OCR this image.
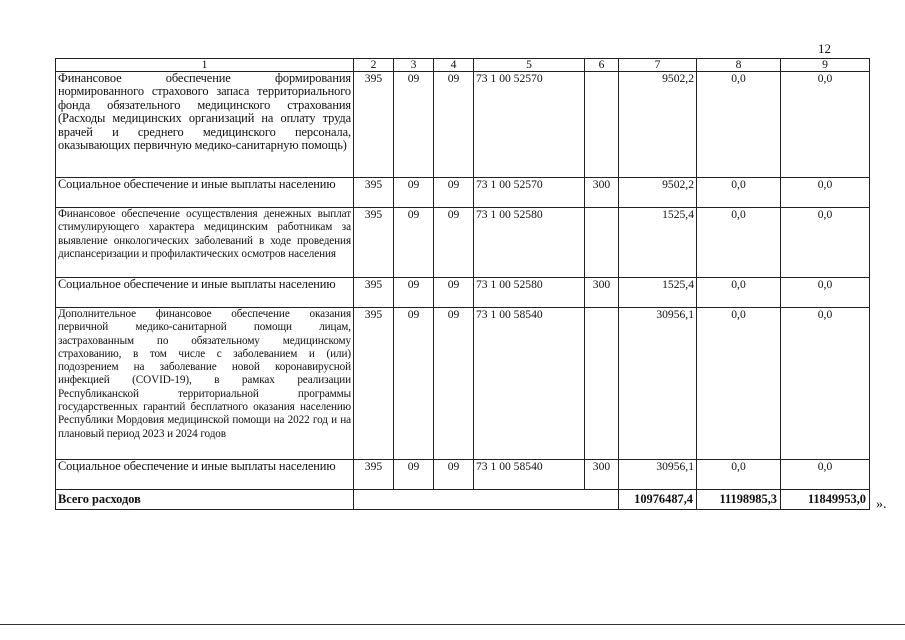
12
1	2	3	4	5	6	7	8	9
Финансовое обеспечение формирования нормированного страхового запаса территориального фонда обязательного медицинского страхования (Расходы медицинских организаций на оплату труда врачей и среднего медицинского персонала, оказывающих первичную медико-санитарную помощь)	395	09	09	73 1 00 52570		9502,2	0,0	0,0
Социальное обеспечение и иные выплаты населению	395	09	09	73 1 00 52570	300	9502,2	0,0	0,0
Финансовое обеспечение осуществления денежных выплат стимулирующего характера медицинским работникам за выявление онкологических заболеваний в ходе проведения диспансеризации и профилактических осмотров населения	395	09	09	73 1 00 52580		1525,4	0,0	0,0
Социальное обеспечение и иные выплаты населению	395	09	09	73 1 00 52580	300	1525,4	0,0	0,0
Дополнительное финансовое обеспечение оказания первичной медико-санитарной помощи лицам, застрахованным по обязательному медицинскому страхованию, в том числе с заболеванием и (или) подозрением на заболевание новой коронавирусной инфекцией (COVID-19), в рамках реализации Республиканской территориальной программы государственных гарантий бесплатного оказания населению Республики Мордовия медицинской помощи на 2022 год и на плановый период 2023 и 2024 годов	395	09	09	73 1 00 58540		30956,1	0,0	0,0
Социальное обеспечение и иные выплаты населению	395	09	09	73 1 00 58540	300	30956,1	0,0	0,0
Всего расходов						10976487,4	11198985,3	11849953,0 ».
